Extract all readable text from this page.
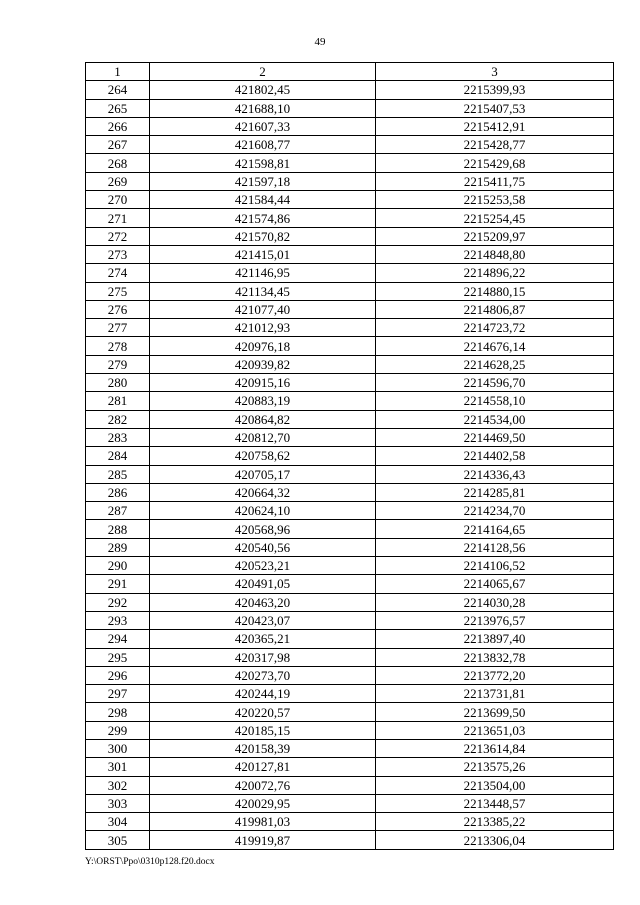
49
1	2	3
264	421802,45	2215399,93
265	421688,10	2215407,53
266	421607,33	2215412,91
267	421608,77	2215428,77
268	421598,81	2215429,68
269	421597,18	2215411,75
270	421584,44	2215253,58
271	421574,86	2215254,45
272	421570,82	2215209,97
273	421415,01	2214848,80
274	421146,95	2214896,22
275	421134,45	2214880,15
276	421077,40	2214806,87
277	421012,93	2214723,72
278	420976,18	2214676,14
279	420939,82	2214628,25
280	420915,16	2214596,70
281	420883,19	2214558,10
282	420864,82	2214534,00
283	420812,70	2214469,50
284	420758,62	2214402,58
285	420705,17	2214336,43
286	420664,32	2214285,81
287	420624,10	2214234,70
288	420568,96	2214164,65
289	420540,56	2214128,56
290	420523,21	2214106,52
291	420491,05	2214065,67
292	420463,20	2214030,28
293	420423,07	2213976,57
294	420365,21	2213897,40
295	420317,98	2213832,78
296	420273,70	2213772,20
297	420244,19	2213731,81
298	420220,57	2213699,50
299	420185,15	2213651,03
300	420158,39	2213614,84
301	420127,81	2213575,26
302	420072,76	2213504,00
303	420029,95	2213448,57
304	419981,03	2213385,22
305	419919,87	2213306,04
Y:\ORST\Ppo\0310p128.f20.docx
